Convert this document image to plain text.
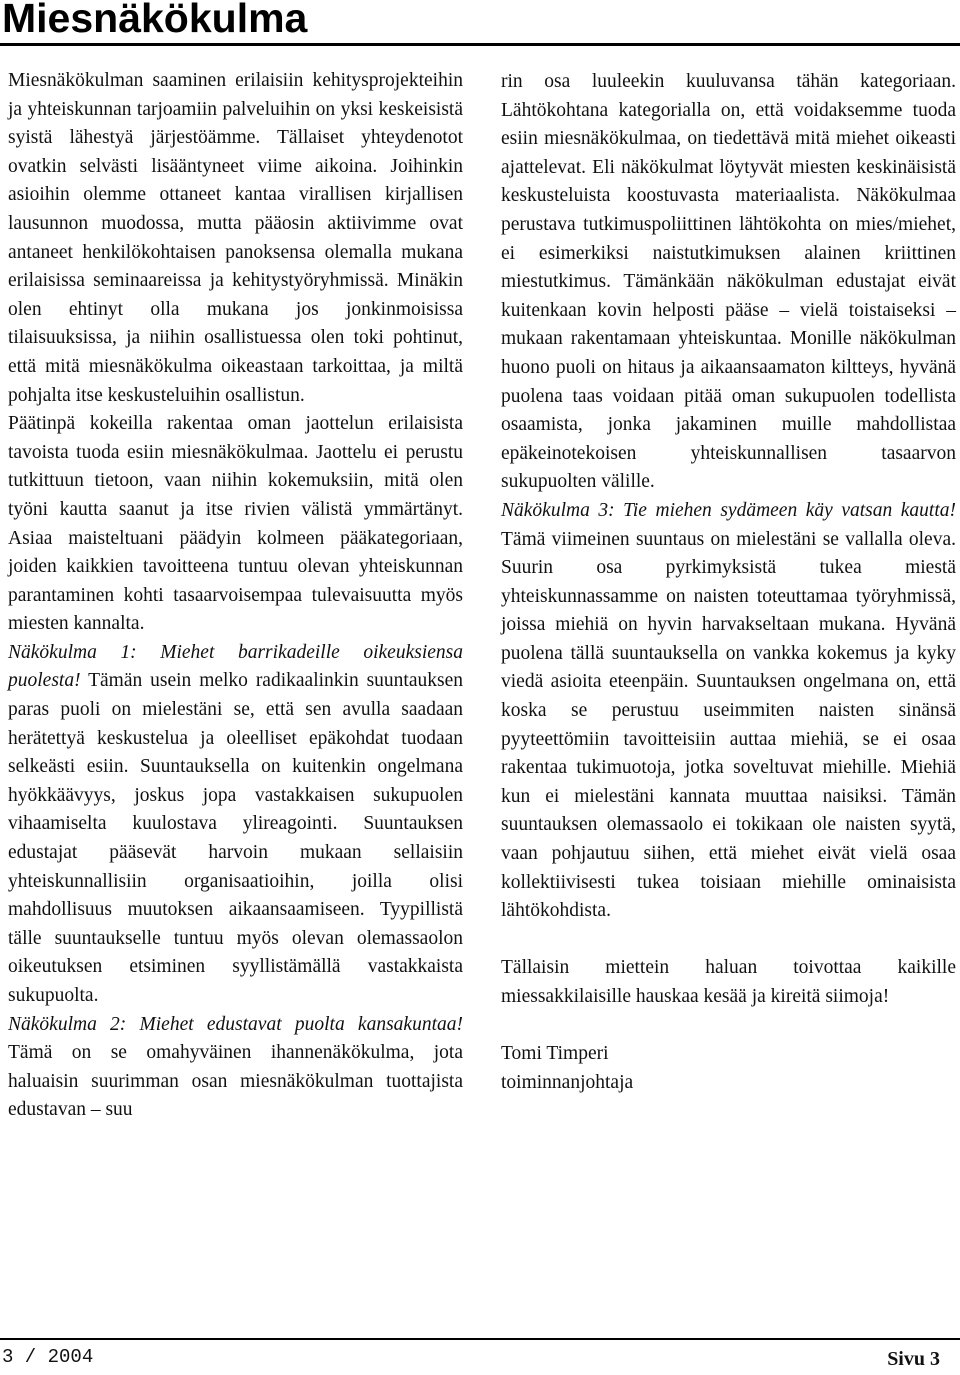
Miesnäkökulma

Miesnäkökulman saaminen erilaisiin kehitysprojekteihin ja yhteiskunnan tarjoamiin palveluihin on yksi keskeisistä syistä lähestyä järjestöämme. Tällaiset yhteydenotot ovatkin selvästi lisääntyneet viime aikoina. Joihinkin asioihin olemme ottaneet kantaa virallisen kirjallisen lausunnon muodossa, mutta pääosin aktiivimme ovat antaneet henkilökohtaisen panoksensa olemalla mukana erilaisissa seminaareissa ja kehitystyöryhmissä. Minäkin olen ehtinyt olla mukana jos jonkinmoisissa tilaisuuksissa, ja niihin osallistuessa olen toki pohtinut, että mitä miesnäkökulma oikeastaan tarkoittaa, ja miltä pohjalta itse keskusteluihin osallistun.

Päätinpä kokeilla rakentaa oman jaottelun erilaisista tavoista tuoda esiin miesnäkökulmaa. Jaottelu ei perustu tutkittuun tietoon, vaan niihin kokemuksiin, mitä olen työni kautta saanut ja itse rivien välistä ymmärtänyt. Asiaa maisteltuani päädyin kolmeen pääkategoriaan, joiden kaikkien tavoitteena tuntuu olevan yhteiskunnan parantaminen kohti tasaarvoisempaa tulevaisuutta myös miesten kannalta.

Näkökulma 1: Miehet barrikadeille oikeuksiensa puolesta! Tämän usein melko radikaalinkin suuntauksen paras puoli on mielestäni se, että sen avulla saadaan herätettyä keskustelua ja oleelliset epäkohdat tuodaan selkeästi esiin. Suuntauksella on kuitenkin ongelmana hyökkäävyys, joskus jopa vastakkaisen sukupuolen vihaamiselta kuulostava ylireagointi. Suuntauksen edustajat pääsevät harvoin mukaan sellaisiin yhteiskunnallisiin organisaatioihin, joilla olisi mahdollisuus muutoksen aikaansaamiseen. Tyypillistä tälle suuntaukselle tuntuu myös olevan olemassaolon oikeutuksen etsiminen syyllistämällä vastakkaista sukupuolta.

Näkökulma 2: Miehet edustavat puolta kansakuntaa! Tämä on se omahyväinen ihannenäkökulma, jota haluaisin suurimman osan miesnäkökulman tuottajista edustavan – suu

rin osa luuleekin kuuluvansa tähän kategoriaan. Lähtökohtana kategorialla on, että voidaksemme tuoda esiin miesnäkökulmaa, on tiedettävä mitä miehet oikeasti ajattelevat. Eli näkökulmat löytyvät miesten keskinäisistä keskusteluista koostuvasta materiaalista. Näkökulmaa perustava tutkimuspoliittinen lähtökohta on mies/miehet, ei esimerkiksi naistutkimuksen alainen kriittinen miestutkimus. Tämänkään näkökulman edustajat eivät kuitenkaan kovin helposti pääse – vielä toistaiseksi – mukaan rakentamaan yhteiskuntaa. Monille näkökulman huono puoli on hitaus ja aikaansaamaton kiltteys, hyvänä puolena taas voidaan pitää oman sukupuolen todellista osaamista, jonka jakaminen muille mahdollistaa epäkeinotekoisen yhteiskunnallisen tasaarvon sukupuolten välille.

Näkökulma 3: Tie miehen sydämeen käy vatsan kautta! Tämä viimeinen suuntaus on mielestäni se vallalla oleva. Suurin osa pyrkimyksistä tukea miestä yhteiskunnassamme on naisten toteuttamaa työryhmissä, joissa miehiä on hyvin harvakseltaan mukana. Hyvänä puolena tällä suuntauksella on vankka kokemus ja kyky viedä asioita eteenpäin. Suuntauksen ongelmana on, että koska se perustuu useimmiten naisten sinänsä pyyteettömiin tavoitteisiin auttaa miehiä, se ei osaa rakentaa tukimuotoja, jotka soveltuvat miehille. Miehiä kun ei mielestäni kannata muuttaa naisiksi. Tämän suuntauksen olemassaolo ei tokikaan ole naisten syytä, vaan pohjautuu siihen, että miehet eivät vielä osaa kollektiivisesti tukea toisiaan miehille ominaisista lähtökohdista.

Tällaisin miettein haluan toivottaa kaikille miessakkilaisille hauskaa kesää ja kireitä siimoja!

Tomi Timperi

toiminnanjohtaja

3 / 2004	Sivu 3
